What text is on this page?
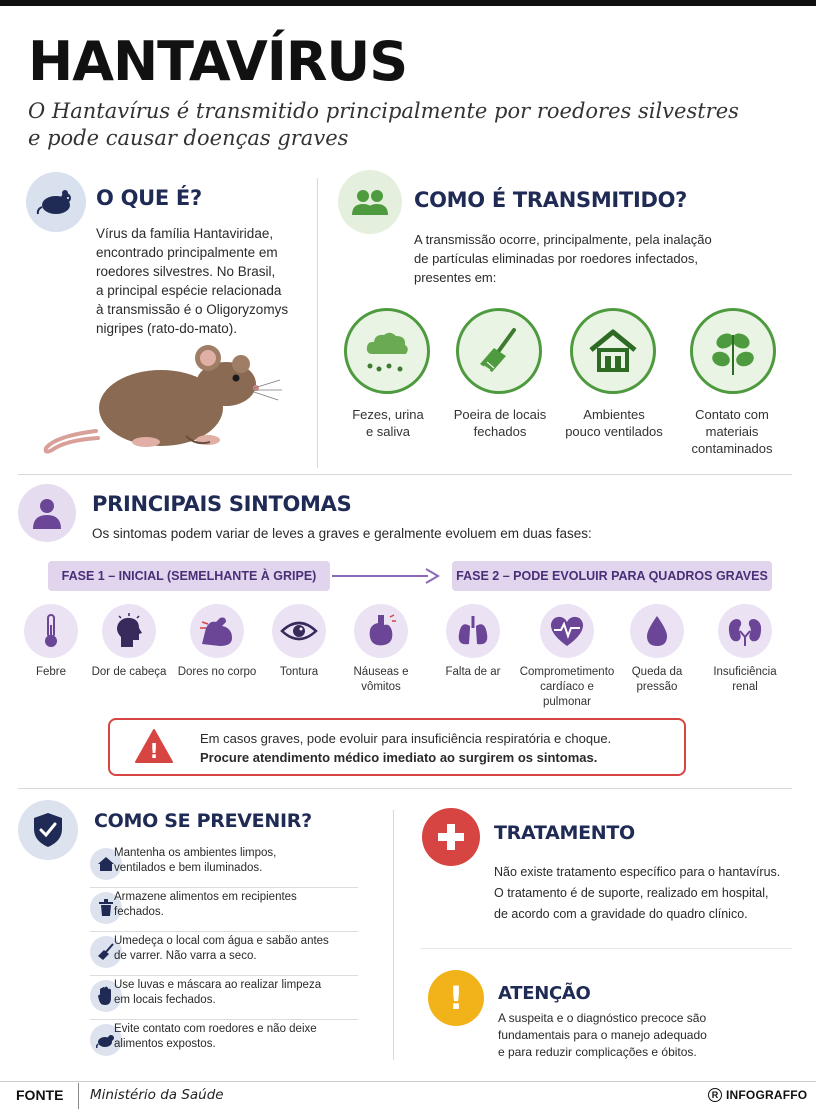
HANTAVÍRUS
O Hantavírus é transmitido principalmente por roedores silvestres
e pode causar doenças graves
O QUE É?
Vírus da família Hantaviridae,
encontrado principalmente em
roedores silvestres. No Brasil,
a principal espécie relacionada
à transmissão é o Oligoryzomys
nigripes (rato-do-mato).
COMO É TRANSMITIDO?
A transmissão ocorre, principalmente, pela inalação
de partículas eliminadas por roedores infectados,
presentes em:
Fezes, urina
e saliva
Poeira de locais
fechados
Ambientes
pouco ventilados
Contato com
materiais
contaminados
PRINCIPAIS SINTOMAS
Os sintomas podem variar de leves a graves e geralmente evoluem em duas fases:
FASE 1 – INICIAL (SEMELHANTE À GRIPE)	FASE 2 – PODE EVOLUIR PARA QUADROS GRAVES
Febre	Dor de cabeça Dores no corpo	Tontura	Náuseas e
vômitos
Falta de ar	Comprometimento
cardíaco e
pulmonar
Queda da
pressão
Insuficiência
renal
!
Em casos graves, pode evoluir para insuficiência respiratória e choque.
Procure atendimento médico imediato ao surgirem os sintomas.
COMO SE PREVENIR?
Mantenha os ambientes limpos,
ventilados e bem iluminados.
Armazene alimentos em recipientes
fechados.
Umedeça o local com água e sabão antes
de varrer. Não varra a seco.
Use luvas e máscara ao realizar limpeza
em locais fechados.
Evite contato com roedores e não deixe
alimentos expostos.
TRATAMENTO
Não existe tratamento específico para o hantavírus.
O tratamento é de suporte, realizado em hospital,
de acordo com a gravidade do quadro clínico.
! ATENÇÃO
A suspeita e o diagnóstico precoce são
fundamentais para o manejo adequado
e para reduzir complicações e óbitos.
FONTE Ministério da Saúde	R INFOGRAFFO
